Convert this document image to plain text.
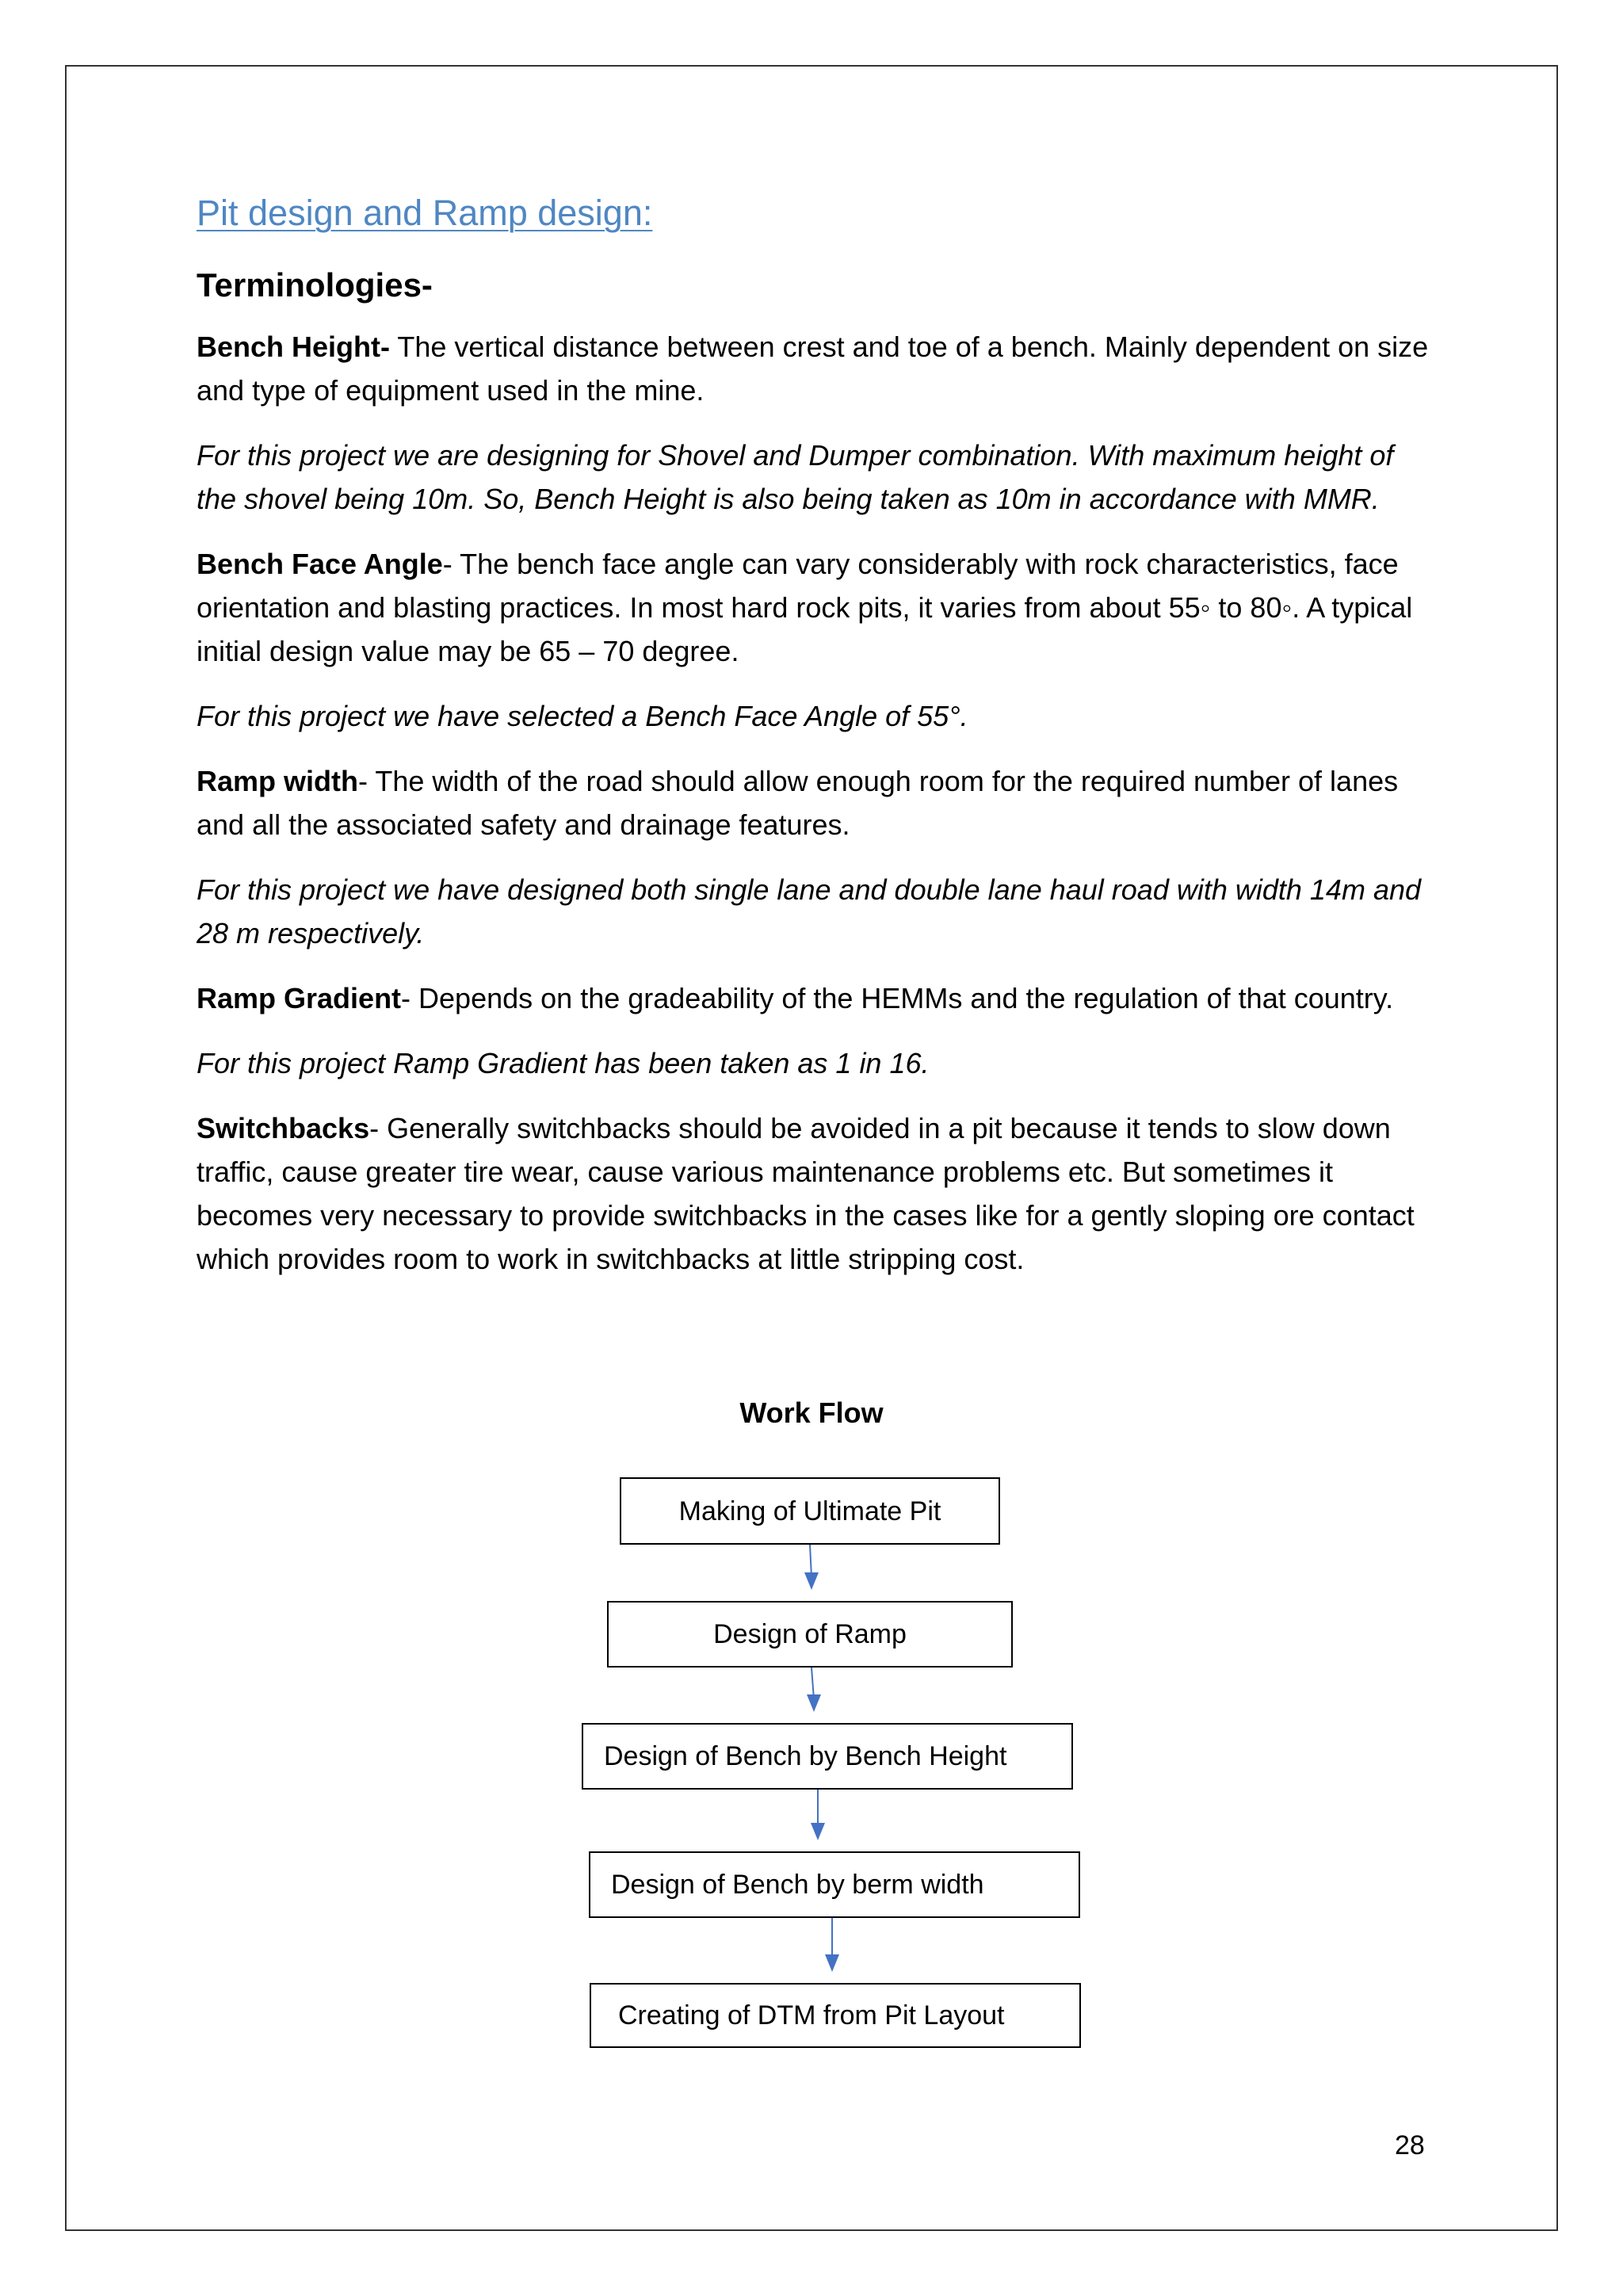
Pit design and Ramp design:
Terminologies-

Bench Height- The vertical distance between crest and toe of a bench. Mainly dependent on size and type of equipment used in the mine.

For this project we are designing for Shovel and Dumper combination. With maximum height of the shovel being 10m. So, Bench Height is also being taken as 10m in accordance with MMR.

Bench Face Angle- The bench face angle can vary considerably with rock characteristics, face orientation and blasting practices. In most hard rock pits, it varies from about 55◦ to 80◦. A typical initial design value may be 65 – 70 degree.

For this project we have selected a Bench Face Angle of 55°.

Ramp width- The width of the road should allow enough room for the required number of lanes and all the associated safety and drainage features.

For this project we have designed both single lane and double lane haul road with width 14m and 28 m respectively.

Ramp Gradient- Depends on the gradeability of the HEMMs and the regulation of that country.

For this project Ramp Gradient has been taken as 1 in 16.

Switchbacks- Generally switchbacks should be avoided in a pit because it tends to slow down traffic, cause greater tire wear, cause various maintenance problems etc. But sometimes it becomes very necessary to provide switchbacks in the cases like for a gently sloping ore contact which provides room to work in switchbacks at little stripping cost.

Work Flow
Making of Ultimate Pit
Design of Ramp
Design of Bench by Bench Height
Design of Bench by berm width
Creating of DTM from Pit Layout
28
